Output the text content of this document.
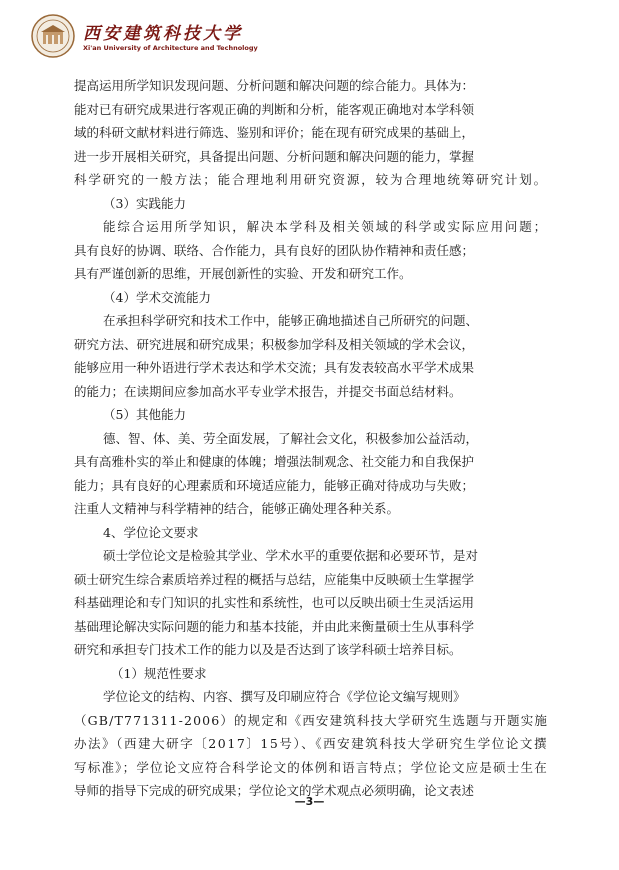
西安建筑科技大学
Xi'an University of Architecture and Technology
提高运用所学知识发现问题、分析问题和解决问题的综合能力。具体为：
能对已有研究成果进行客观正确的判断和分析，能客观正确地对本学科领
域的科研文献材料进行筛选、鉴别和评价；能在现有研究成果的基础上，
进一步开展相关研究，具备提出问题、分析问题和解决问题的能力，掌握
科学研究的一般方法；能合理地利用研究资源，较为合理地统筹研究计划。
（3）实践能力
能综合运用所学知识，解决本学科及相关领域的科学或实际应用问题；
具有良好的协调、联络、合作能力，具有良好的团队协作精神和责任感；
具有严谨创新的思维，开展创新性的实验、开发和研究工作。
（4）学术交流能力
在承担科学研究和技术工作中，能够正确地描述自己所研究的问题、
研究方法、研究进展和研究成果；积极参加学科及相关领域的学术会议，
能够应用一种外语进行学术表达和学术交流；具有发表较高水平学术成果
的能力；在读期间应参加高水平专业学术报告，并提交书面总结材料。
（5）其他能力
德、智、体、美、劳全面发展，了解社会文化，积极参加公益活动，
具有高雅朴实的举止和健康的体魄；增强法制观念、社交能力和自我保护
能力；具有良好的心理素质和环境适应能力，能够正确对待成功与失败；
注重人文精神与科学精神的结合，能够正确处理各种关系。
4、学位论文要求
硕士学位论文是检验其学业、学术水平的重要依据和必要环节，是对
硕士研究生综合素质培养过程的概括与总结，应能集中反映硕士生掌握学
科基础理论和专门知识的扎实性和系统性，也可以反映出硕士生灵活运用
基础理论解决实际问题的能力和基本技能，并由此来衡量硕士生从事科学
研究和承担专门技术工作的能力以及是否达到了该学科硕士培养目标。
（1）规范性要求
学位论文的结构、内容、撰写及印刷应符合《学位论文编写规则》
（GB/T771311-2006）的规定和《西安建筑科技大学研究生选题与开题实施
办法》（西建大研字〔2017〕15号）、《西安建筑科技大学研究生学位论文撰
写标准》；学位论文应符合科学论文的体例和语言特点；学位论文应是硕士生在
导师的指导下完成的研究成果；学位论文的学术观点必须明确，论文表述
—3—
